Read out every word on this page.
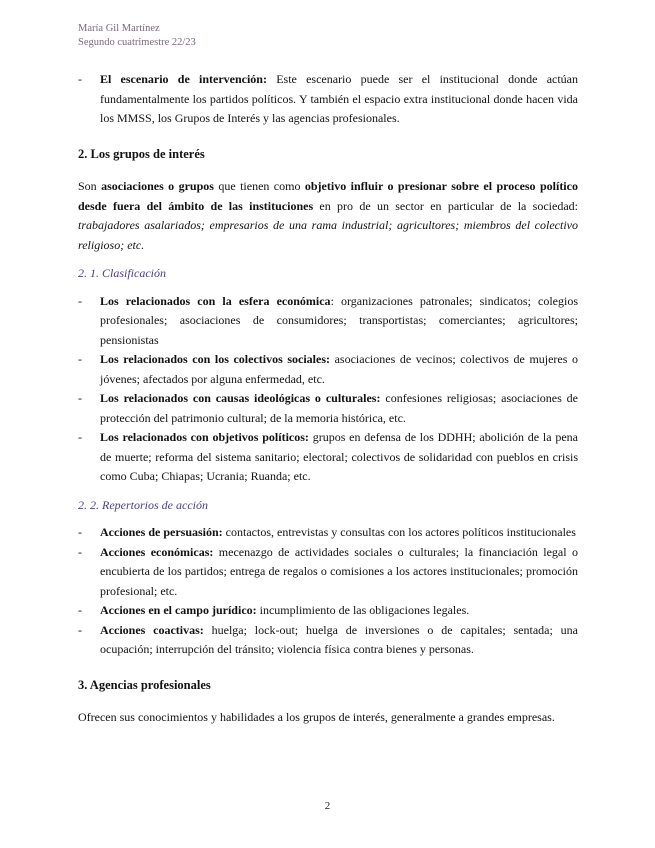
María Gil Martínez
Segundo cuatrimestre 22/23
-	El escenario de intervención: Este escenario puede ser el institucional donde actúan fundamentalmente los partidos políticos. Y también el espacio extra institucional donde hacen vida los MMSS, los Grupos de Interés y las agencias profesionales.
2. Los grupos de interés
Son asociaciones o grupos que tienen como objetivo influir o presionar sobre el proceso político desde fuera del ámbito de las instituciones en pro de un sector en particular de la sociedad: trabajadores asalariados; empresarios de una rama industrial; agricultores; miembros del colectivo religioso; etc.
2. 1. Clasificación
-	Los relacionados con la esfera económica: organizaciones patronales; sindicatos; colegios profesionales; asociaciones de consumidores; transportistas; comerciantes; agricultores; pensionistas
-	Los relacionados con los colectivos sociales: asociaciones de vecinos; colectivos de mujeres o jóvenes; afectados por alguna enfermedad, etc.
-	Los relacionados con causas ideológicas o culturales: confesiones religiosas; asociaciones de protección del patrimonio cultural; de la memoria histórica, etc.
-	Los relacionados con objetivos políticos: grupos en defensa de los DDHH; abolición de la pena de muerte; reforma del sistema sanitario; electoral; colectivos de solidaridad con pueblos en crisis como Cuba; Chiapas; Ucrania; Ruanda; etc.
2. 2. Repertorios de acción
-	Acciones de persuasión: contactos, entrevistas y consultas con los actores políticos institucionales
-	Acciones económicas: mecenazgo de actividades sociales o culturales; la financiación legal o encubierta de los partidos; entrega de regalos o comisiones a los actores institucionales; promoción profesional; etc.
-	Acciones en el campo jurídico: incumplimiento de las obligaciones legales.
-	Acciones coactivas: huelga; lock-out; huelga de inversiones o de capitales; sentada; una ocupación; interrupción del tránsito; violencia física contra bienes y personas.
3. Agencias profesionales
Ofrecen sus conocimientos y habilidades a los grupos de interés, generalmente a grandes empresas.
2
